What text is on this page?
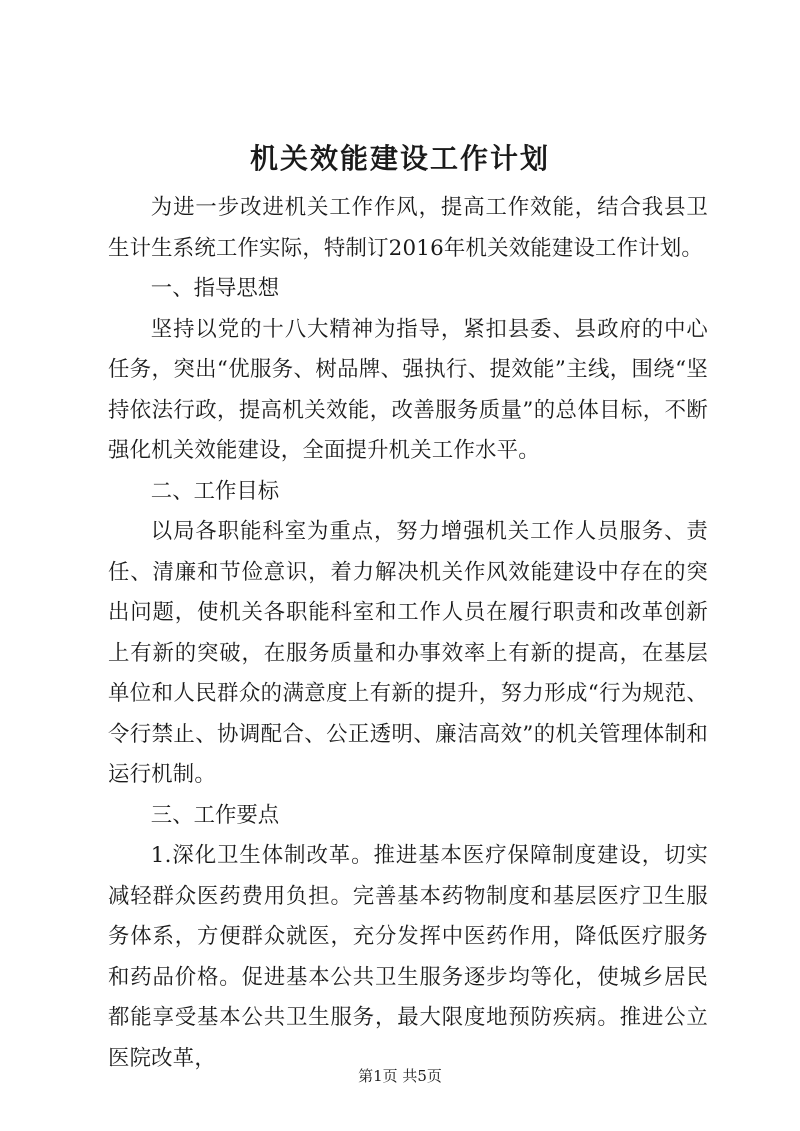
机关效能建设工作计划

为进一步改进机关工作作风，提高工作效能，结合我县卫生计生系统工作实际，特制订2016年机关效能建设工作计划。

一、指导思想

坚持以党的十八大精神为指导，紧扣县委、县政府的中心任务，突出“优服务、树品牌、强执行、提效能”主线，围绕“坚持依法行政，提高机关效能，改善服务质量”的总体目标，不断强化机关效能建设，全面提升机关工作水平。

二、工作目标

以局各职能科室为重点，努力增强机关工作人员服务、责任、清廉和节俭意识，着力解决机关作风效能建设中存在的突出问题，使机关各职能科室和工作人员在履行职责和改革创新上有新的突破，在服务质量和办事效率上有新的提高，在基层单位和人民群众的满意度上有新的提升，努力形成“行为规范、令行禁止、协调配合、公正透明、廉洁高效”的机关管理体制和运行机制。

三、工作要点

1.深化卫生体制改革。推进基本医疗保障制度建设，切实减轻群众医药费用负担。完善基本药物制度和基层医疗卫生服务体系，方便群众就医，充分发挥中医药作用，降低医疗服务和药品价格。促进基本公共卫生服务逐步均等化，使城乡居民都能享受基本公共卫生服务，最大限度地预防疾病。推进公立医院改革，

第1页 共5页
